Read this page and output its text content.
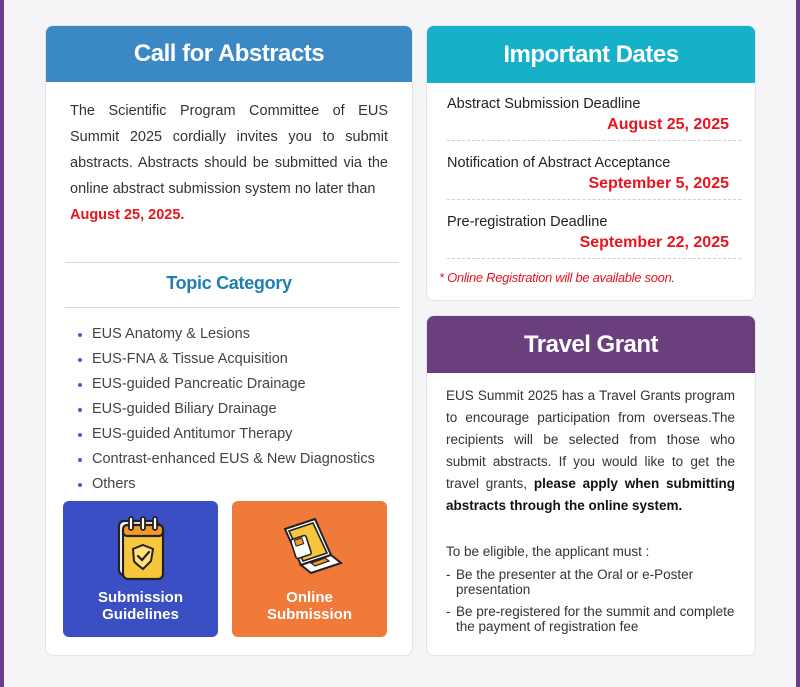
Call for Abstracts

The Scientific Program Committee of EUS Summit 2025 cordially invites you to submit abstracts. Abstracts should be submitted via the online abstract submission system no later than
August 25, 2025.

Topic Category
EUS Anatomy & Lesions
EUS-FNA & Tissue Acquisition
EUS-guided Pancreatic Drainage
EUS-guided Biliary Drainage
EUS-guided Antitumor Therapy
Contrast-enhanced EUS & New Diagnostics
Others
Submission
Guidelines
Online
Submission
Important Dates
Abstract Submission Deadline
August 25, 2025
Notification of Abstract Acceptance
September 5, 2025
Pre-registration Deadline
September 22, 2025
* Online Registration will be available soon.
Travel Grant

EUS Summit 2025 has a Travel Grants program to encourage participation from overseas.The recipients will be selected from those who submit abstracts. If you would like to get the travel grants, please apply when submitting abstracts through the online system.

To be eligible, the applicant must :
- Be the presenter at the Oral or e-Poster presentation
- Be pre-registered for the summit and complete the payment of registration fee
